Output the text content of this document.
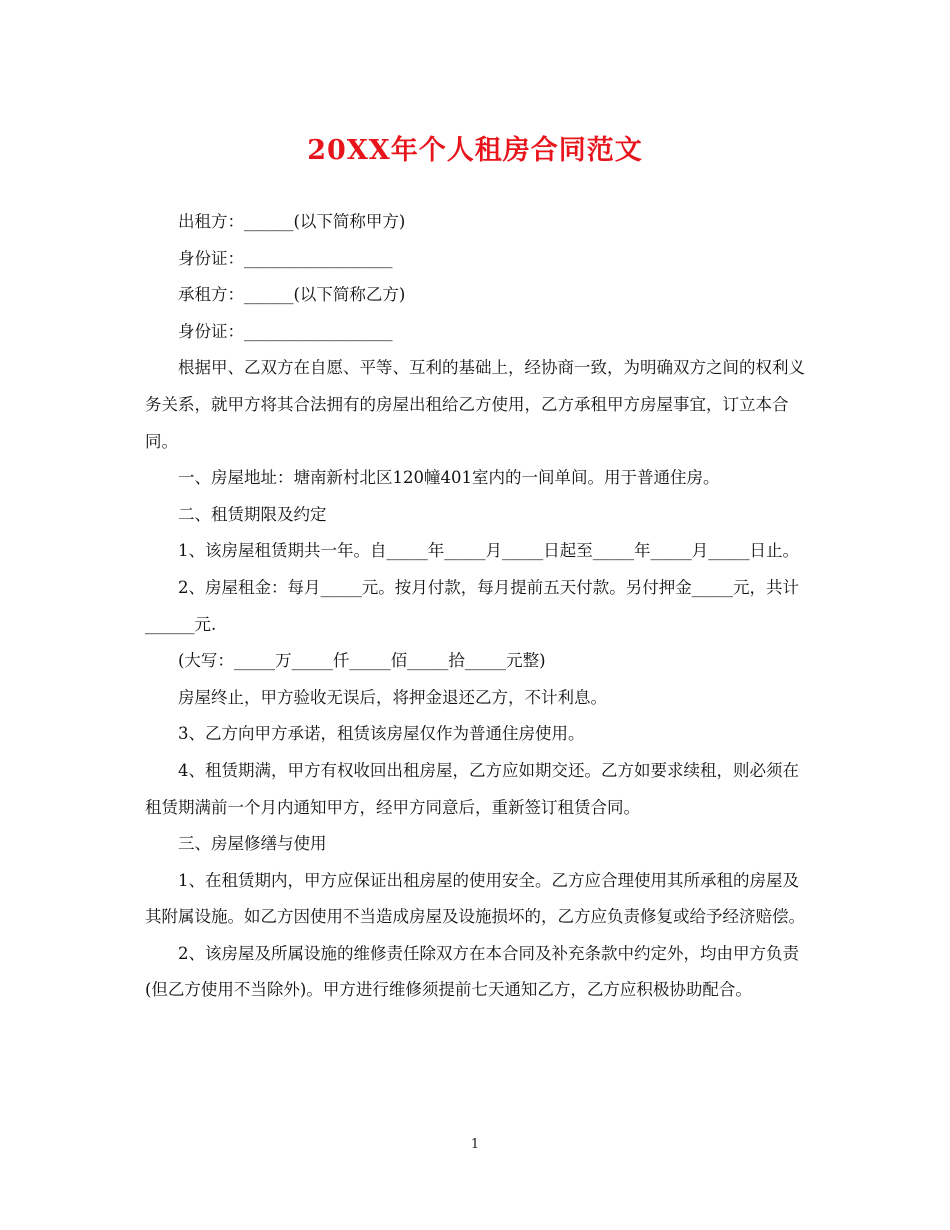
20XX年个人租房合同范文

出租方：______(以下简称甲方)

身份证：__________________

承租方：______(以下简称乙方)

身份证：__________________

根据甲、乙双方在自愿、平等、互利的基础上，经协商一致，为明确双方之间的权利义务关系，就甲方将其合法拥有的房屋出租给乙方使用，乙方承租甲方房屋事宜，订立本合同。

一、房屋地址：塘南新村北区120幢401室内的一间单间。用于普通住房。

二、租赁期限及约定

1、该房屋租赁期共一年。自_____年_____月_____日起至_____年_____月_____日止。

2、房屋租金：每月_____元。按月付款，每月提前五天付款。另付押金_____元，共计______元.

(大写：_____万_____仟_____佰_____拾_____元整)

房屋终止，甲方验收无误后，将押金退还乙方，不计利息。

3、乙方向甲方承诺，租赁该房屋仅作为普通住房使用。

4、租赁期满，甲方有权收回出租房屋，乙方应如期交还。乙方如要求续租，则必须在租赁期满前一个月内通知甲方，经甲方同意后，重新签订租赁合同。

三、房屋修缮与使用

1、在租赁期内，甲方应保证出租房屋的使用安全。乙方应合理使用其所承租的房屋及其附属设施。如乙方因使用不当造成房屋及设施损坏的，乙方应负责修复或给予经济赔偿。

2、该房屋及所属设施的维修责任除双方在本合同及补充条款中约定外，均由甲方负责(但乙方使用不当除外)。甲方进行维修须提前七天通知乙方，乙方应积极协助配合。

1
